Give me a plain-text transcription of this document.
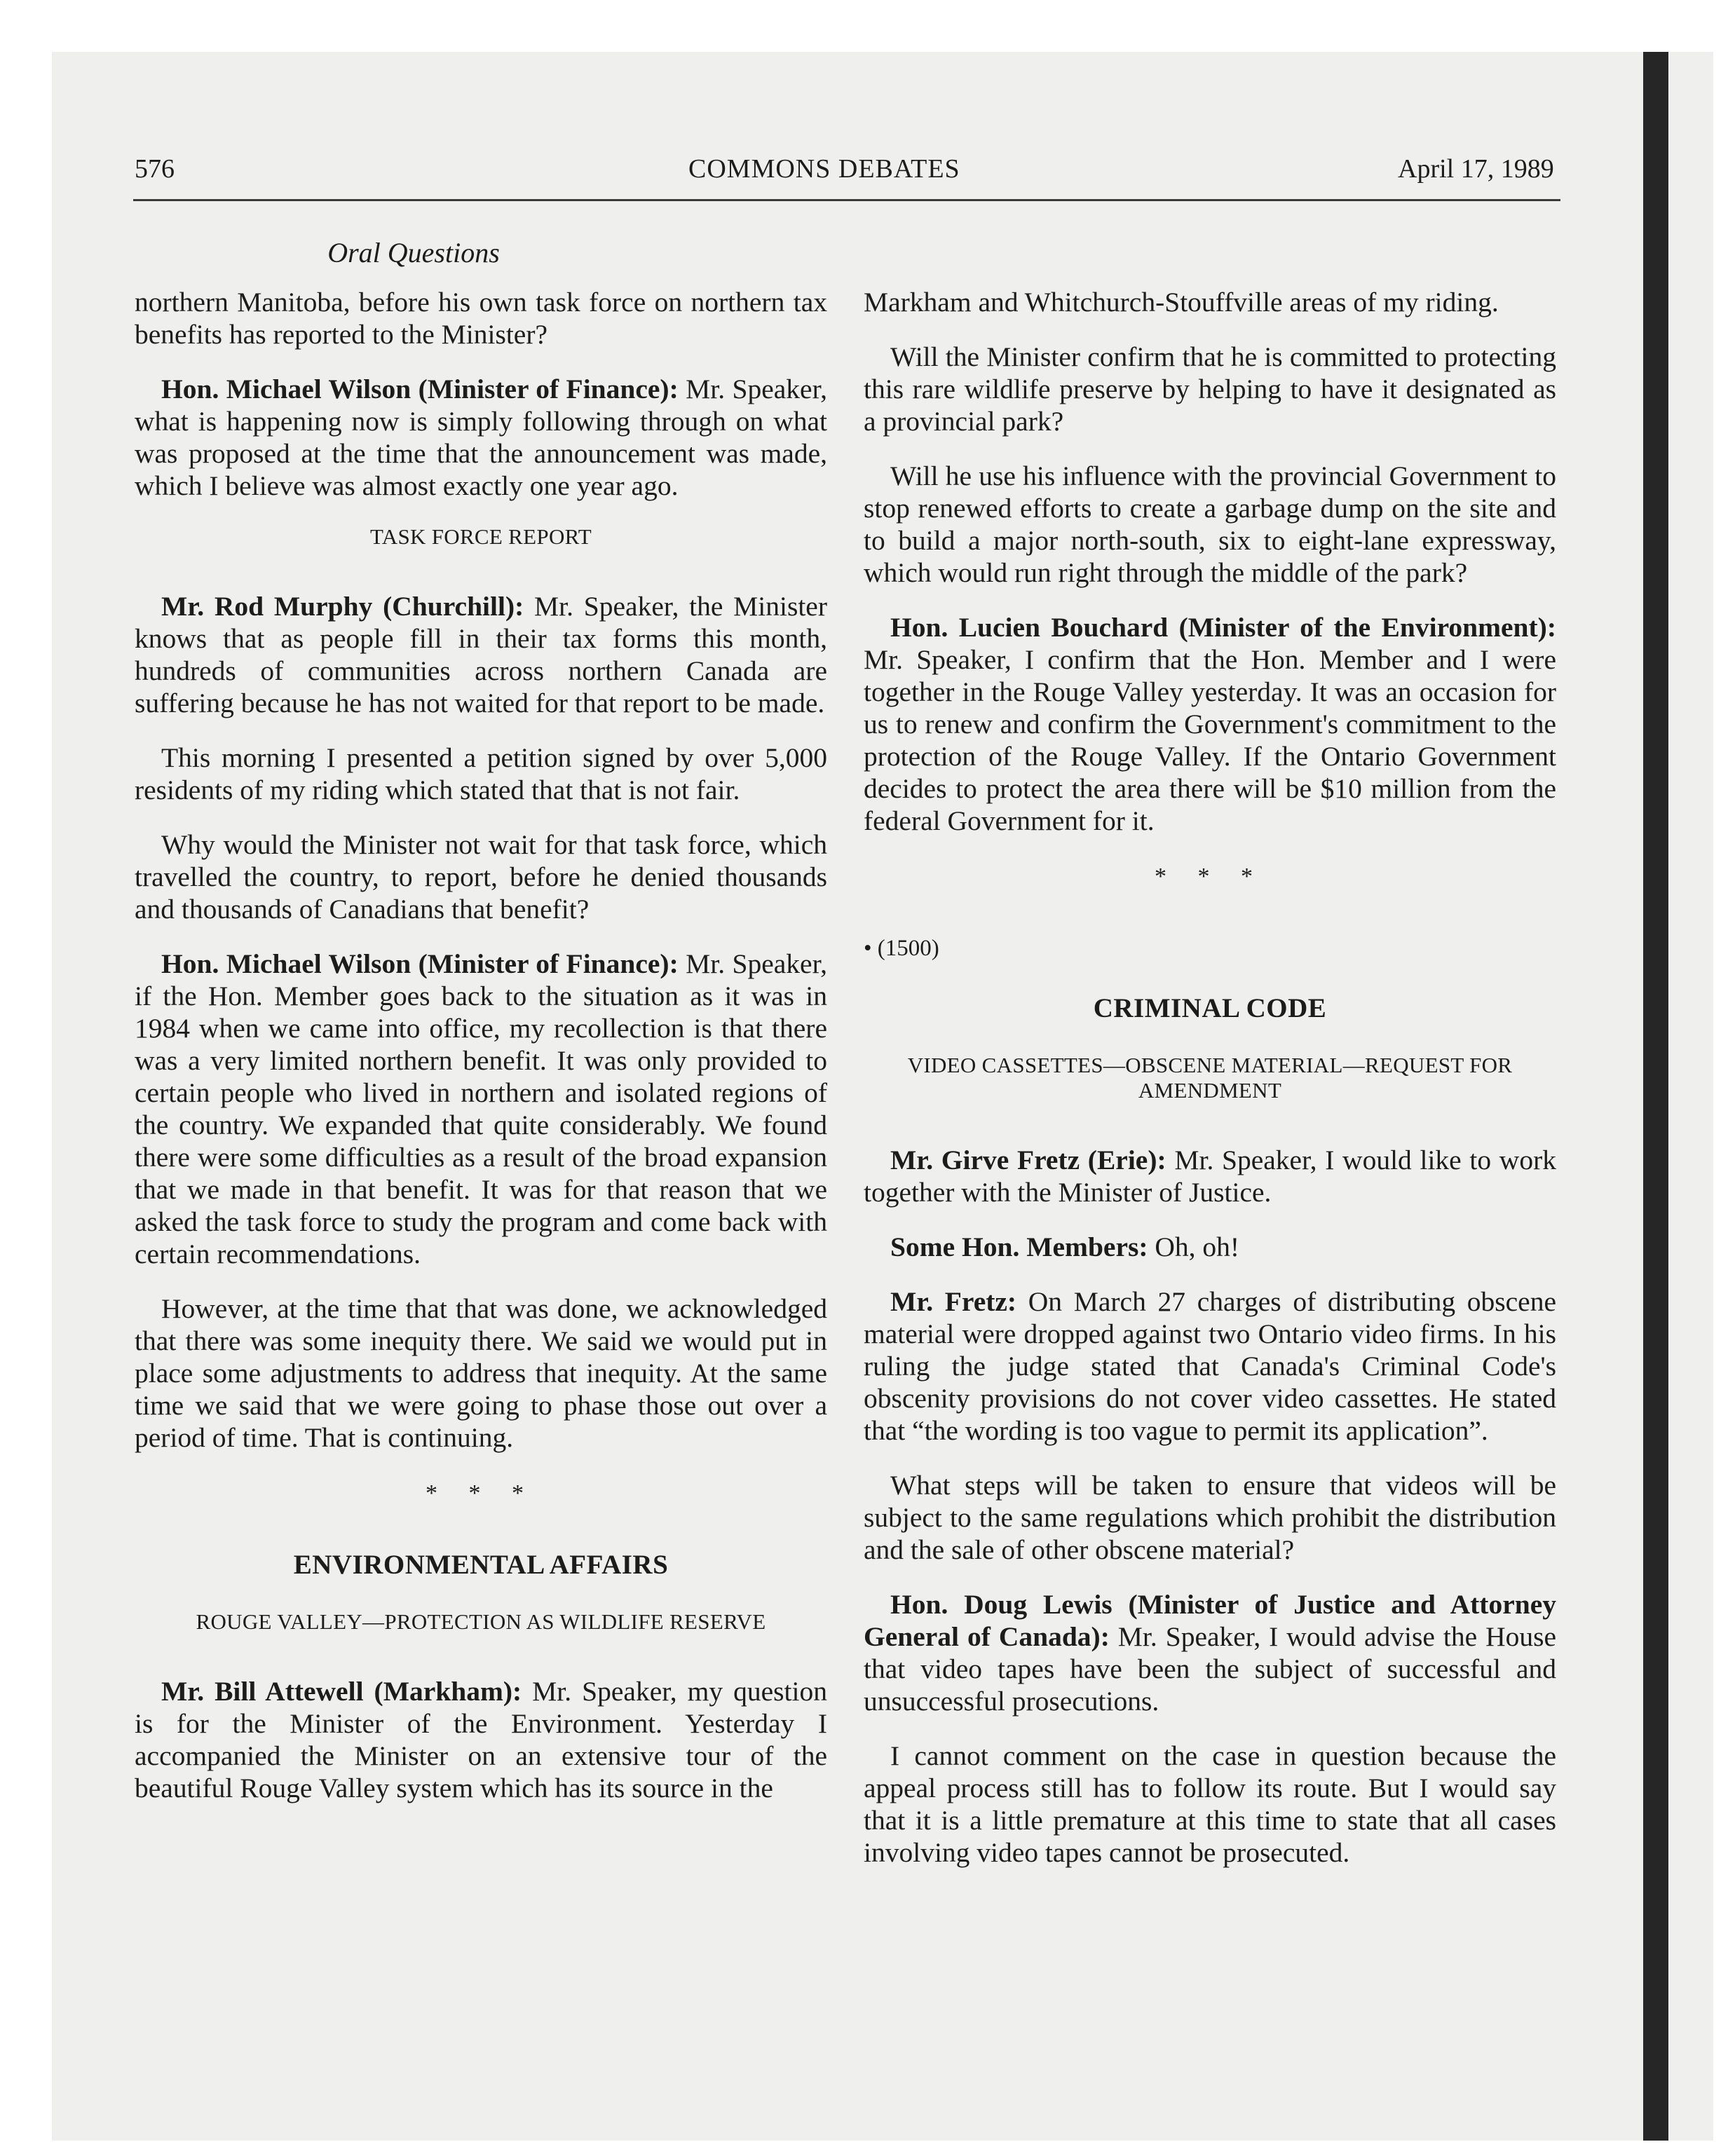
576	COMMONS DEBATES	April 17, 1989
Oral Questions

northern Manitoba, before his own task force on northern tax benefits has reported to the Minister?

Hon. Michael Wilson (Minister of Finance): Mr. Speaker, what is happening now is simply following through on what was proposed at the time that the announcement was made, which I believe was almost exactly one year ago.

TASK FORCE REPORT

Mr. Rod Murphy (Churchill): Mr. Speaker, the Minister knows that as people fill in their tax forms this month, hundreds of communities across northern Canada are suffering because he has not waited for that report to be made.

This morning I presented a petition signed by over 5,000 residents of my riding which stated that that is not fair.

Why would the Minister not wait for that task force, which travelled the country, to report, before he denied thousands and thousands of Canadians that benefit?

Hon. Michael Wilson (Minister of Finance): Mr. Speaker, if the Hon. Member goes back to the situation as it was in 1984 when we came into office, my recollection is that there was a very limited northern benefit. It was only provided to certain people who lived in northern and isolated regions of the country. We expanded that quite considerably. We found there were some difficulties as a result of the broad expansion that we made in that benefit. It was for that reason that we asked the task force to study the program and come back with certain recommendations.

However, at the time that that was done, we acknowledged that there was some inequity there. We said we would put in place some adjustments to address that inequity. At the same time we said that we were going to phase those out over a period of time. That is continuing.

* * *
ENVIRONMENTAL AFFAIRS
ROUGE VALLEY—PROTECTION AS WILDLIFE RESERVE

Mr. Bill Attewell (Markham): Mr. Speaker, my question is for the Minister of the Environment. Yesterday I accompanied the Minister on an extensive tour of the beautiful Rouge Valley system which has its source in the

Markham and Whitchurch-Stouffville areas of my riding.

Will the Minister confirm that he is committed to protecting this rare wildlife preserve by helping to have it designated as a provincial park?

Will he use his influence with the provincial Government to stop renewed efforts to create a garbage dump on the site and to build a major north-south, six to eight-lane expressway, which would run right through the middle of the park?

Hon. Lucien Bouchard (Minister of the Environment): Mr. Speaker, I confirm that the Hon. Member and I were together in the Rouge Valley yesterday. It was an occasion for us to renew and confirm the Government's commitment to the protection of the Rouge Valley. If the Ontario Government decides to protect the area there will be $10 million from the federal Government for it.

* * *
• (1500)
CRIMINAL CODE
VIDEO CASSETTES—OBSCENE MATERIAL—REQUEST FOR AMENDMENT

Mr. Girve Fretz (Erie): Mr. Speaker, I would like to work together with the Minister of Justice.

Some Hon. Members: Oh, oh!

Mr. Fretz: On March 27 charges of distributing obscene material were dropped against two Ontario video firms. In his ruling the judge stated that Canada's Criminal Code's obscenity provisions do not cover video cassettes. He stated that “the wording is too vague to permit its application”.

What steps will be taken to ensure that videos will be subject to the same regulations which prohibit the distribution and the sale of other obscene material?

Hon. Doug Lewis (Minister of Justice and Attorney General of Canada): Mr. Speaker, I would advise the House that video tapes have been the subject of successful and unsuccessful prosecutions.

I cannot comment on the case in question because the appeal process still has to follow its route. But I would say that it is a little premature at this time to state that all cases involving video tapes cannot be prosecuted.
